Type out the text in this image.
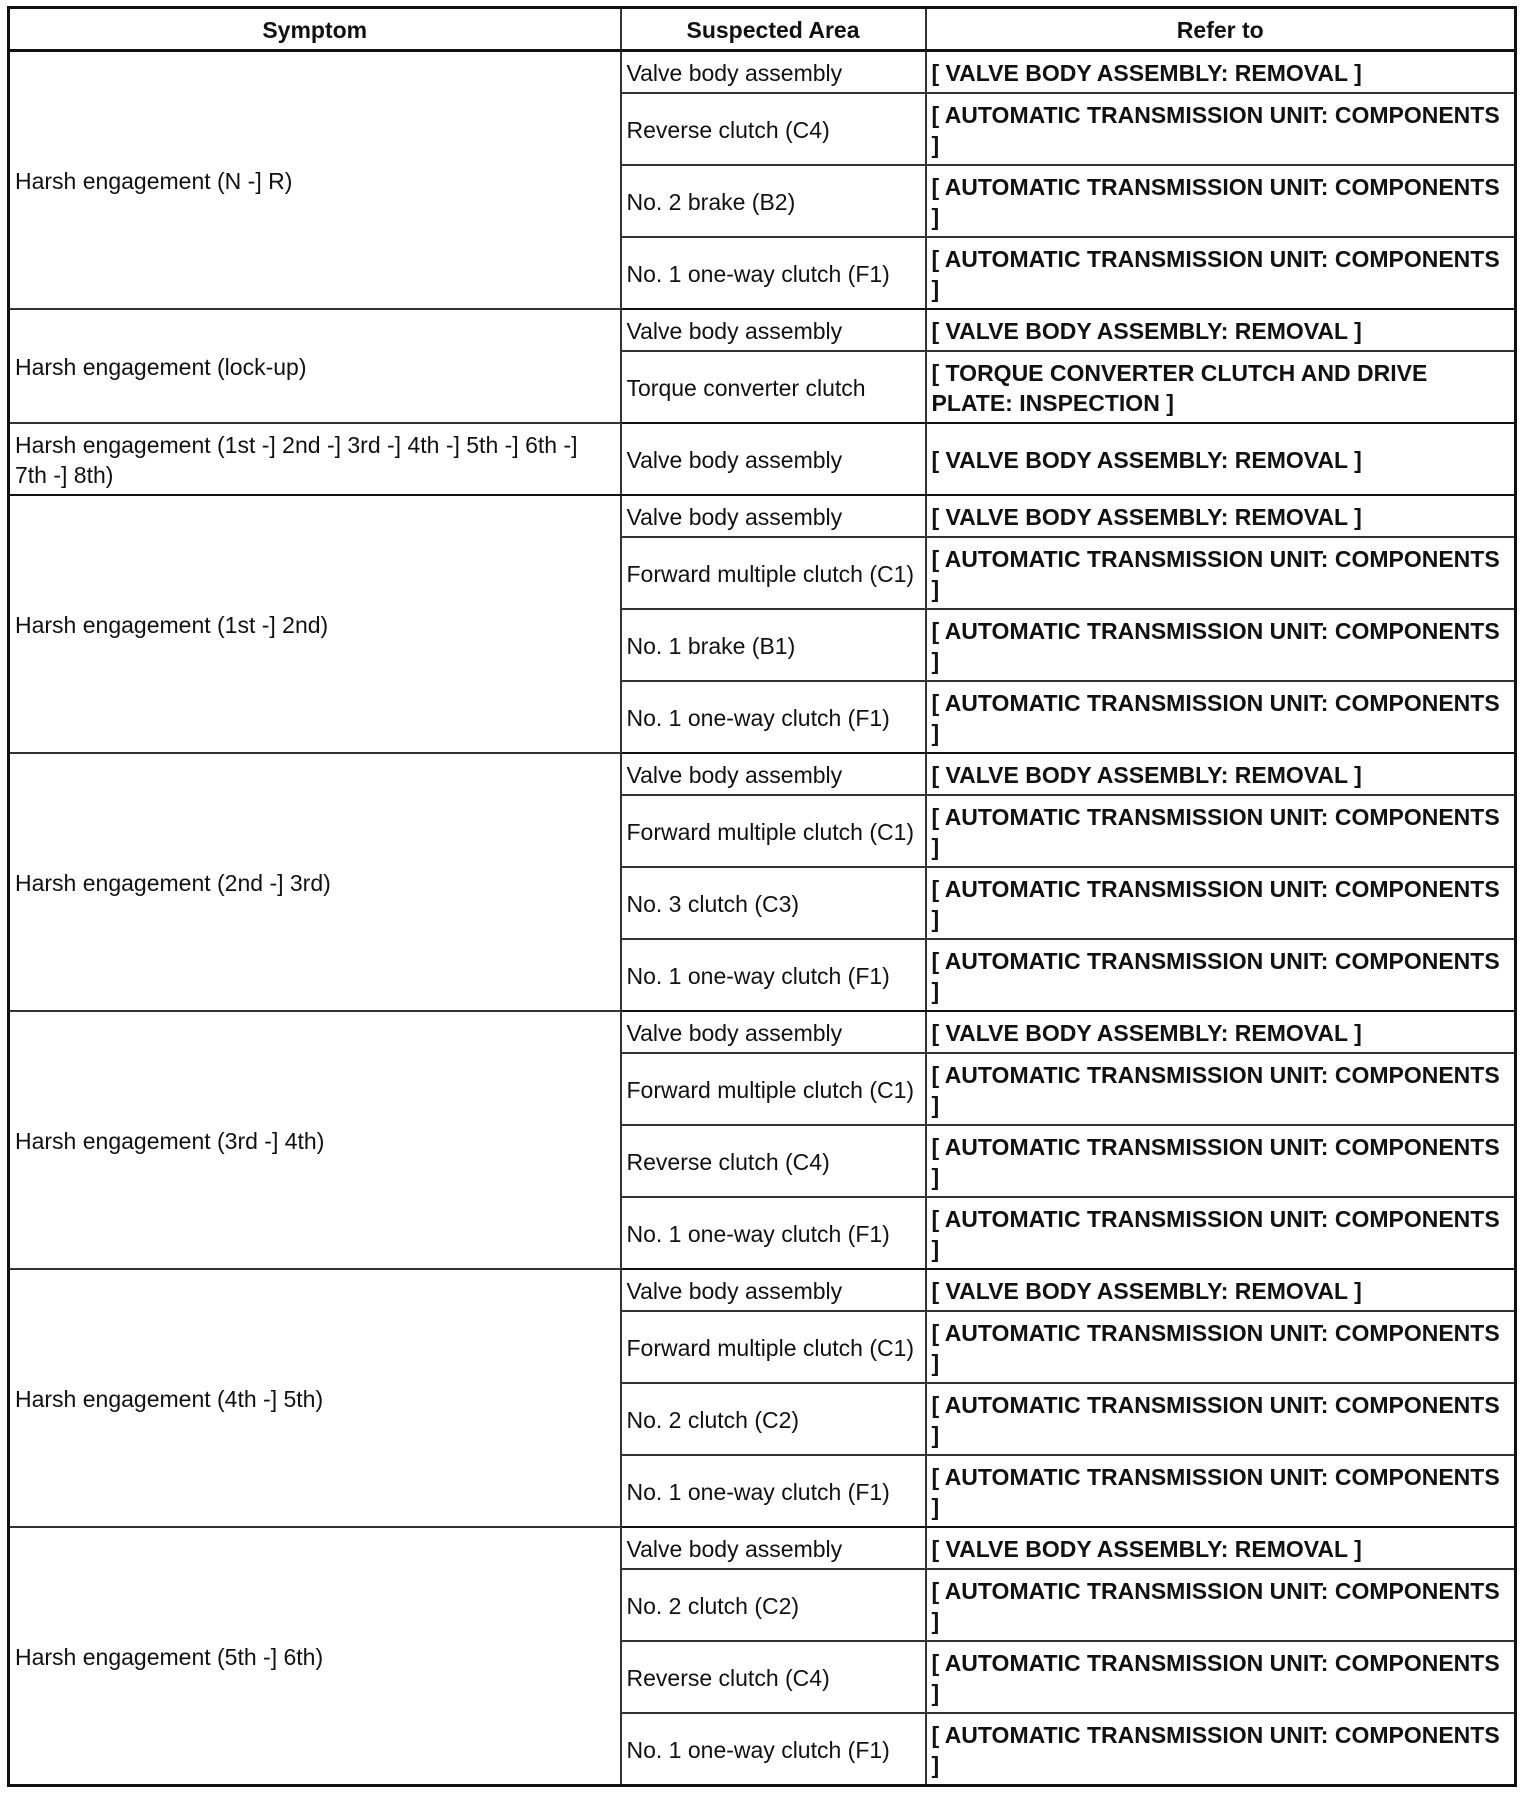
Symptom	Suspected Area	Refer to
Harsh engagement (N -] R)	Valve body assembly	[ VALVE BODY ASSEMBLY: REMOVAL ]
	Reverse clutch (C4)	[ AUTOMATIC TRANSMISSION UNIT: COMPONENTS ]
	No. 2 brake (B2)	[ AUTOMATIC TRANSMISSION UNIT: COMPONENTS ]
	No. 1 one-way clutch (F1)	[ AUTOMATIC TRANSMISSION UNIT: COMPONENTS ]
Harsh engagement (lock-up)	Valve body assembly	[ VALVE BODY ASSEMBLY: REMOVAL ]
	Torque converter clutch	[ TORQUE CONVERTER CLUTCH AND DRIVE PLATE: INSPECTION ]
Harsh engagement (1st -] 2nd -] 3rd -] 4th -] 5th -] 6th -] 7th -] 8th)	Valve body assembly	[ VALVE BODY ASSEMBLY: REMOVAL ]
Harsh engagement (1st -] 2nd)	Valve body assembly	[ VALVE BODY ASSEMBLY: REMOVAL ]
	Forward multiple clutch (C1)	[ AUTOMATIC TRANSMISSION UNIT: COMPONENTS ]
	No. 1 brake (B1)	[ AUTOMATIC TRANSMISSION UNIT: COMPONENTS ]
	No. 1 one-way clutch (F1)	[ AUTOMATIC TRANSMISSION UNIT: COMPONENTS ]
Harsh engagement (2nd -] 3rd)	Valve body assembly	[ VALVE BODY ASSEMBLY: REMOVAL ]
	Forward multiple clutch (C1)	[ AUTOMATIC TRANSMISSION UNIT: COMPONENTS ]
	No. 3 clutch (C3)	[ AUTOMATIC TRANSMISSION UNIT: COMPONENTS ]
	No. 1 one-way clutch (F1)	[ AUTOMATIC TRANSMISSION UNIT: COMPONENTS ]
Harsh engagement (3rd -] 4th)	Valve body assembly	[ VALVE BODY ASSEMBLY: REMOVAL ]
	Forward multiple clutch (C1)	[ AUTOMATIC TRANSMISSION UNIT: COMPONENTS ]
	Reverse clutch (C4)	[ AUTOMATIC TRANSMISSION UNIT: COMPONENTS ]
	No. 1 one-way clutch (F1)	[ AUTOMATIC TRANSMISSION UNIT: COMPONENTS ]
Harsh engagement (4th -] 5th)	Valve body assembly	[ VALVE BODY ASSEMBLY: REMOVAL ]
	Forward multiple clutch (C1)	[ AUTOMATIC TRANSMISSION UNIT: COMPONENTS ]
	No. 2 clutch (C2)	[ AUTOMATIC TRANSMISSION UNIT: COMPONENTS ]
	No. 1 one-way clutch (F1)	[ AUTOMATIC TRANSMISSION UNIT: COMPONENTS ]
Harsh engagement (5th -] 6th)	Valve body assembly	[ VALVE BODY ASSEMBLY: REMOVAL ]
	No. 2 clutch (C2)	[ AUTOMATIC TRANSMISSION UNIT: COMPONENTS ]
	Reverse clutch (C4)	[ AUTOMATIC TRANSMISSION UNIT: COMPONENTS ]
	No. 1 one-way clutch (F1)	[ AUTOMATIC TRANSMISSION UNIT: COMPONENTS ]
